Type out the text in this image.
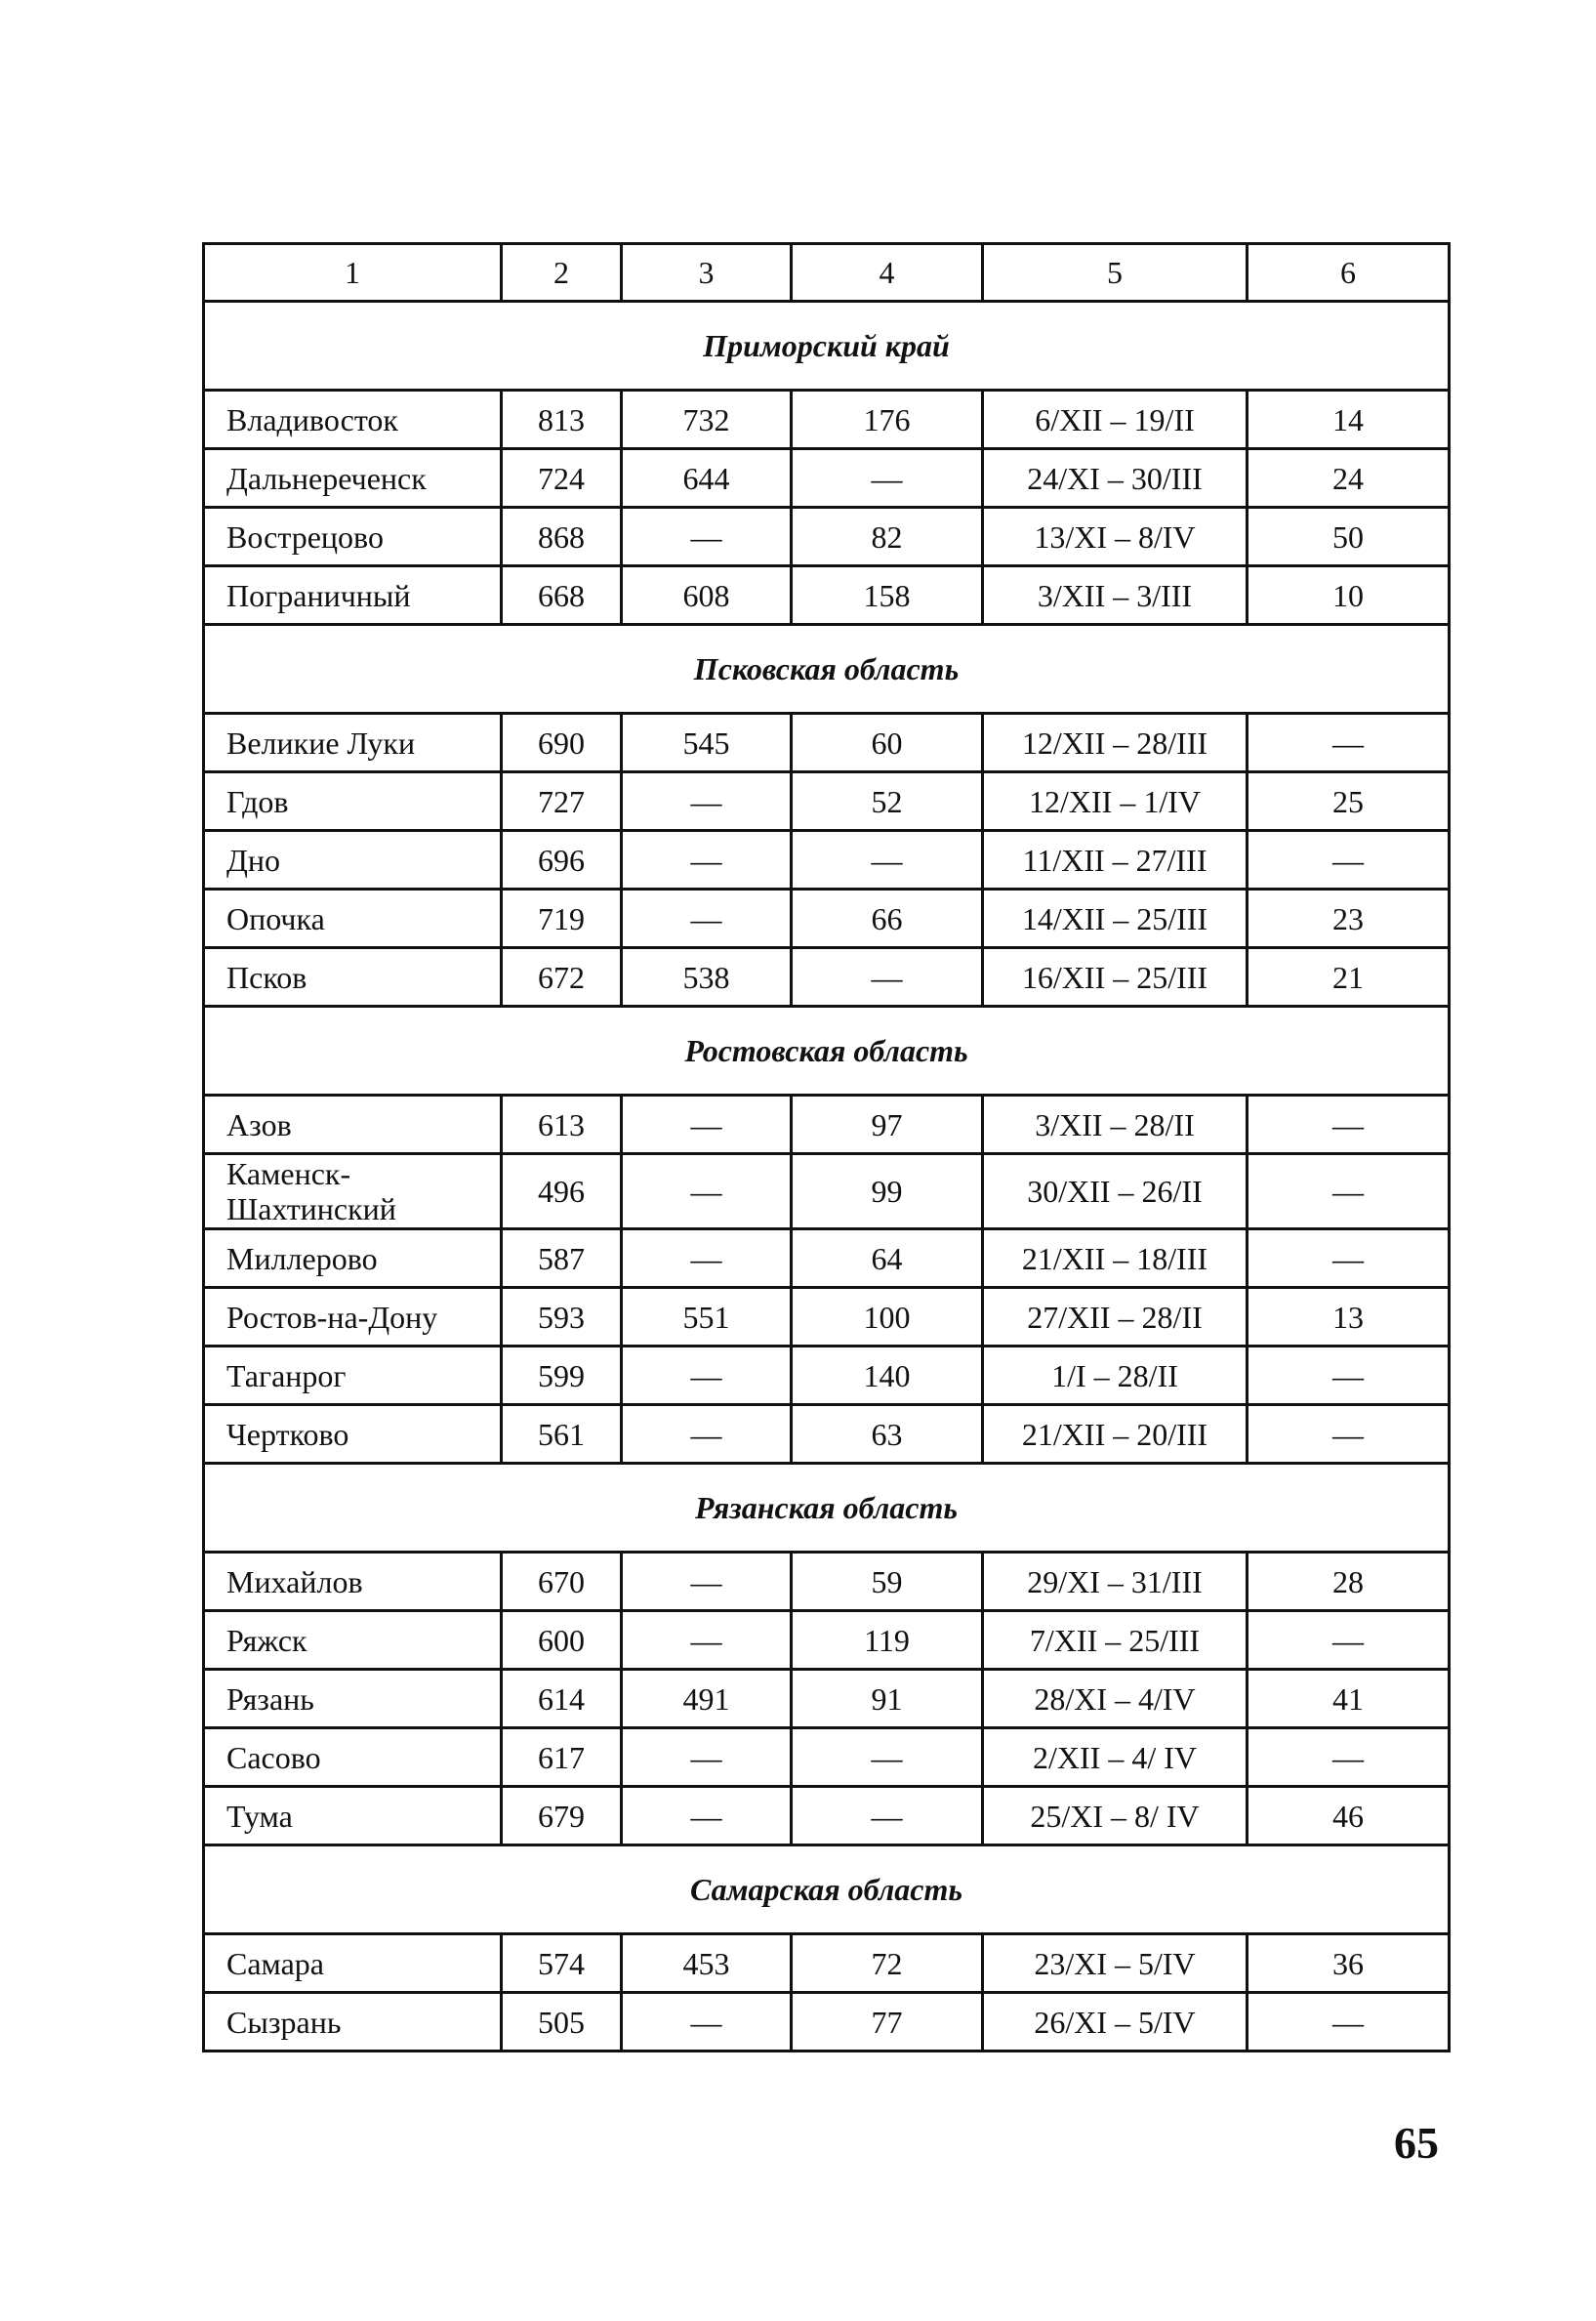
1	2	3	4	5	6
Приморский край					
Владивосток	813	732	176	6/XII – 19/II	14
Дальнереченск	724	644	—	24/XI – 30/III	24
Вострецово	868	—	82	13/XI – 8/IV	50
Пограничный	668	608	158	3/XII – 3/III	10
Псковская область					
Великие Луки	690	545	60	12/XII – 28/III	—
Гдов	727	—	52	12/XII – 1/IV	25
Дно	696	—	—	11/XII – 27/III	—
Опочка	719	—	66	14/XII – 25/III	23
Псков	672	538	—	16/XII – 25/III	21
Ростовская область					
Азов	613	—	97	3/XII – 28/II	—
Каменск-Шахтинский	496	—	99	30/XII – 26/II	—
Миллерово	587	—	64	21/XII – 18/III	—
Ростов-на-Дону	593	551	100	27/XII – 28/II	13
Таганрог	599	—	140	1/I – 28/II	—
Чертково	561	—	63	21/XII – 20/III	—
Рязанская область					
Михайлов	670	—	59	29/XI – 31/III	28
Ряжск	600	—	119	7/XII – 25/III	—
Рязань	614	491	91	28/XI – 4/IV	41
Сасово	617	—	—	2/XII – 4/ IV	—
Тума	679	—	—	25/XI – 8/ IV	46
Самарская область					
Самара	574	453	72	23/XI – 5/IV	36
Сызрань	505	—	77	26/XI – 5/IV	—
65
